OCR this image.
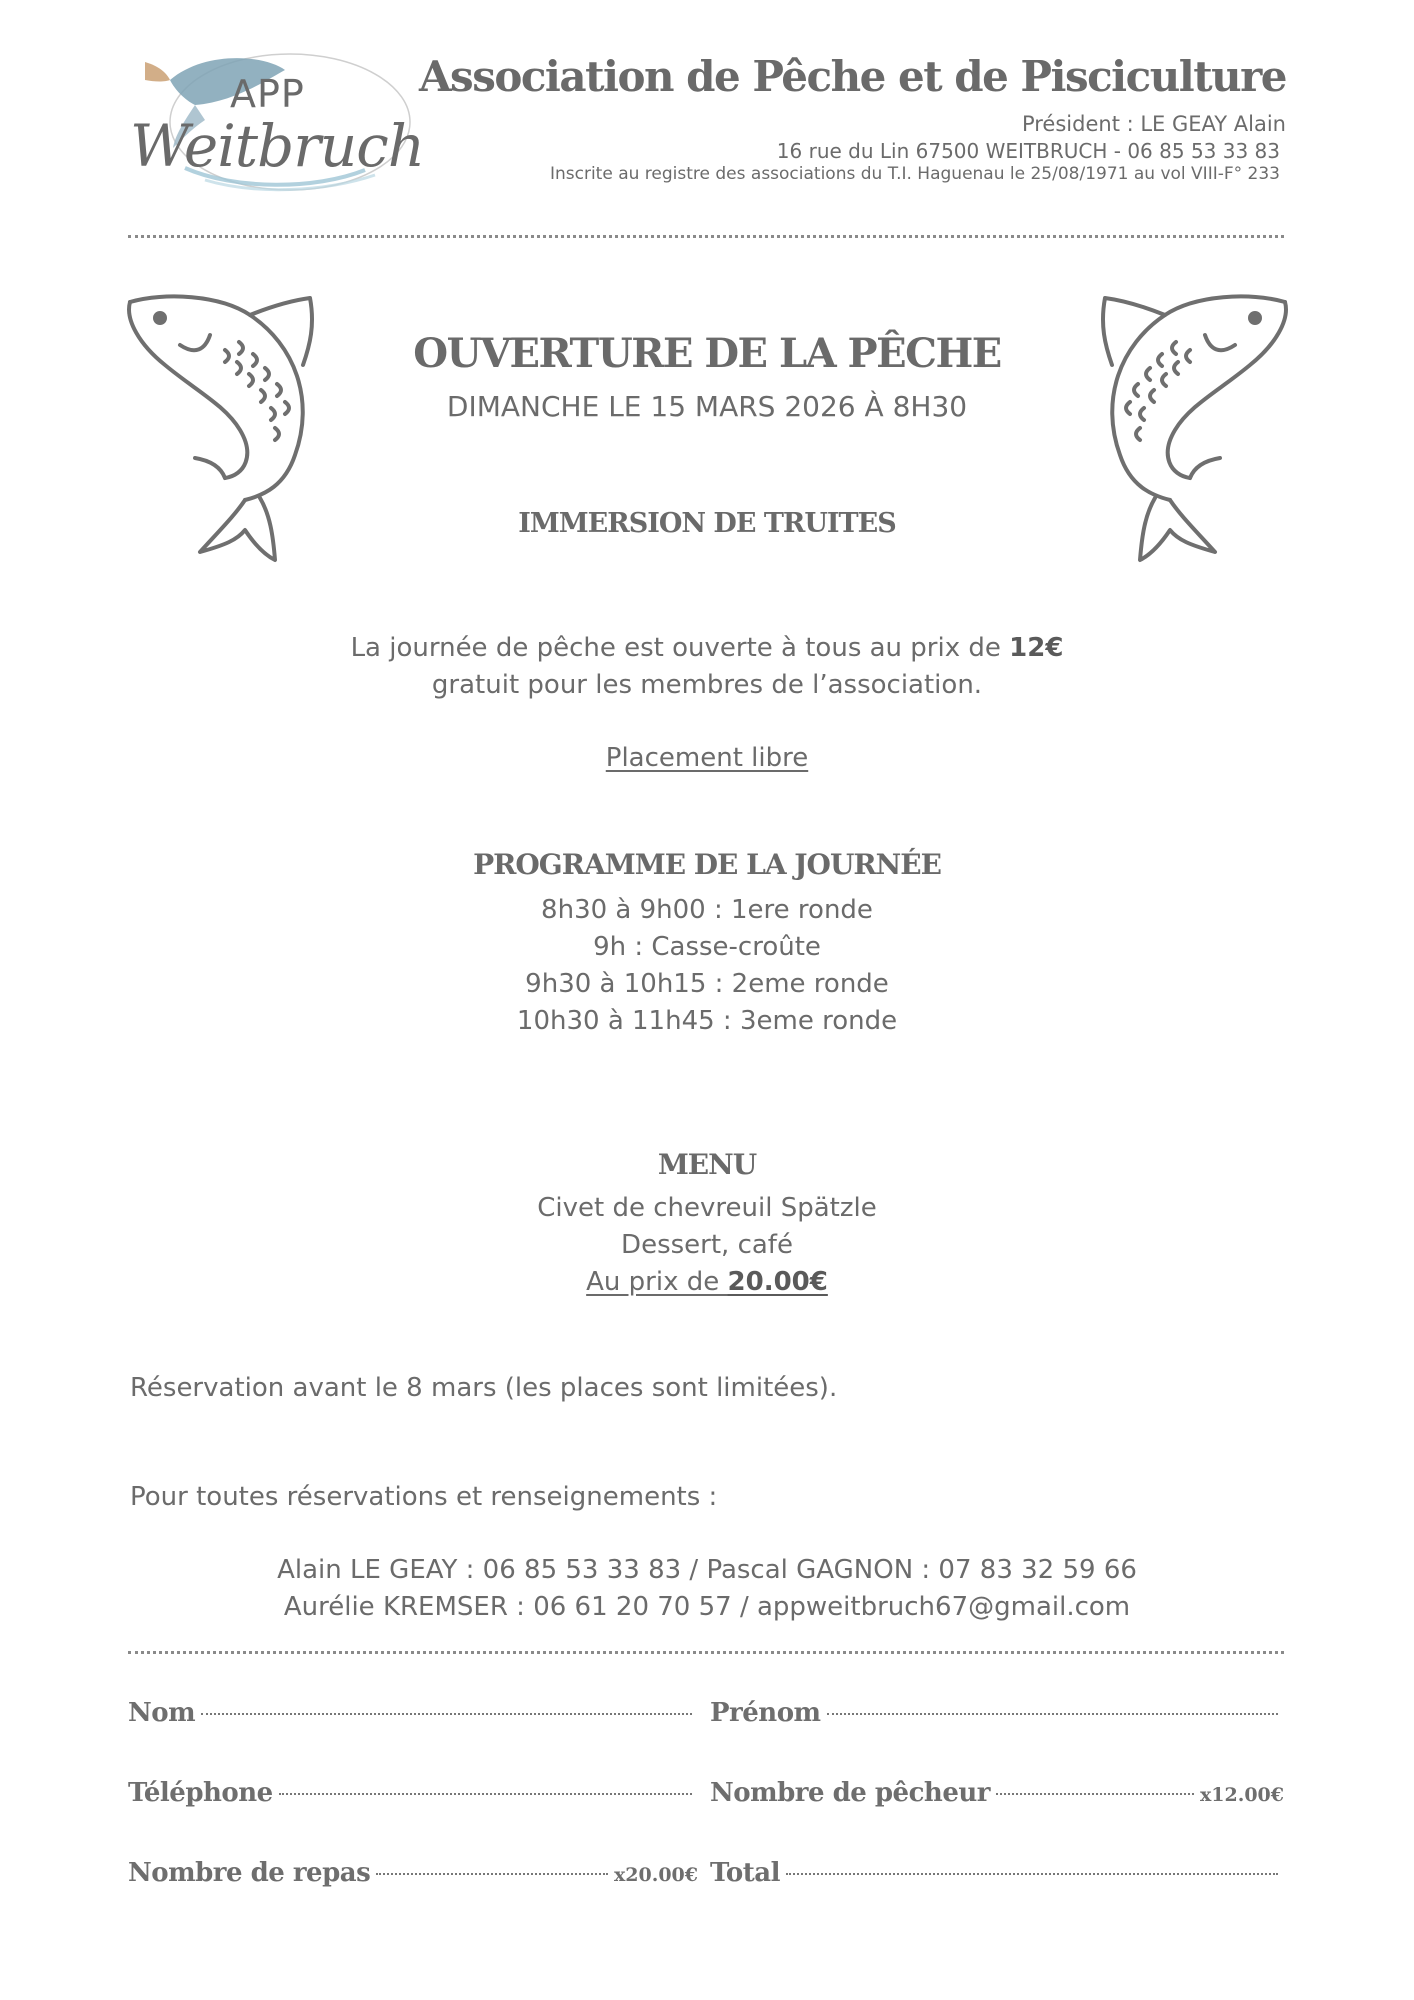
APP
Weitbruch
Association de Pêche et de Pisciculture
Président : LE GEAY Alain
16 rue du Lin 67500 WEITBRUCH - 06 85 53 33 83
Inscrite au registre des associations du T.I. Haguenau le 25/08/1971 au vol VIII-F° 233
OUVERTURE DE LA PÊCHE
DIMANCHE LE 15 MARS 2026 À 8H30
IMMERSION DE TRUITES
La journée de pêche est ouverte à tous au prix de 12€
gratuit pour les membres de l’association.
Placement libre
PROGRAMME DE LA JOURNÉE
8h30 à 9h00 : 1ere ronde
9h : Casse-croûte
9h30 à 10h15 : 2eme ronde
10h30 à 11h45 : 3eme ronde
MENU
Civet de chevreuil Spätzle
Dessert, café
Au prix de 20.00€
Réservation avant le 8 mars (les places sont limitées).
Pour toutes réservations et renseignements :
Alain LE GEAY : 06 85 53 33 83 / Pascal GAGNON : 07 83 32 59 66
Aurélie KREMSER : 06 61 20 70 57 / appweitbruch67@gmail.com
Nom	Prénom
Téléphone	Nombre de pêcheur	x12.00€
Nombre de repas	x20.00€ Total
